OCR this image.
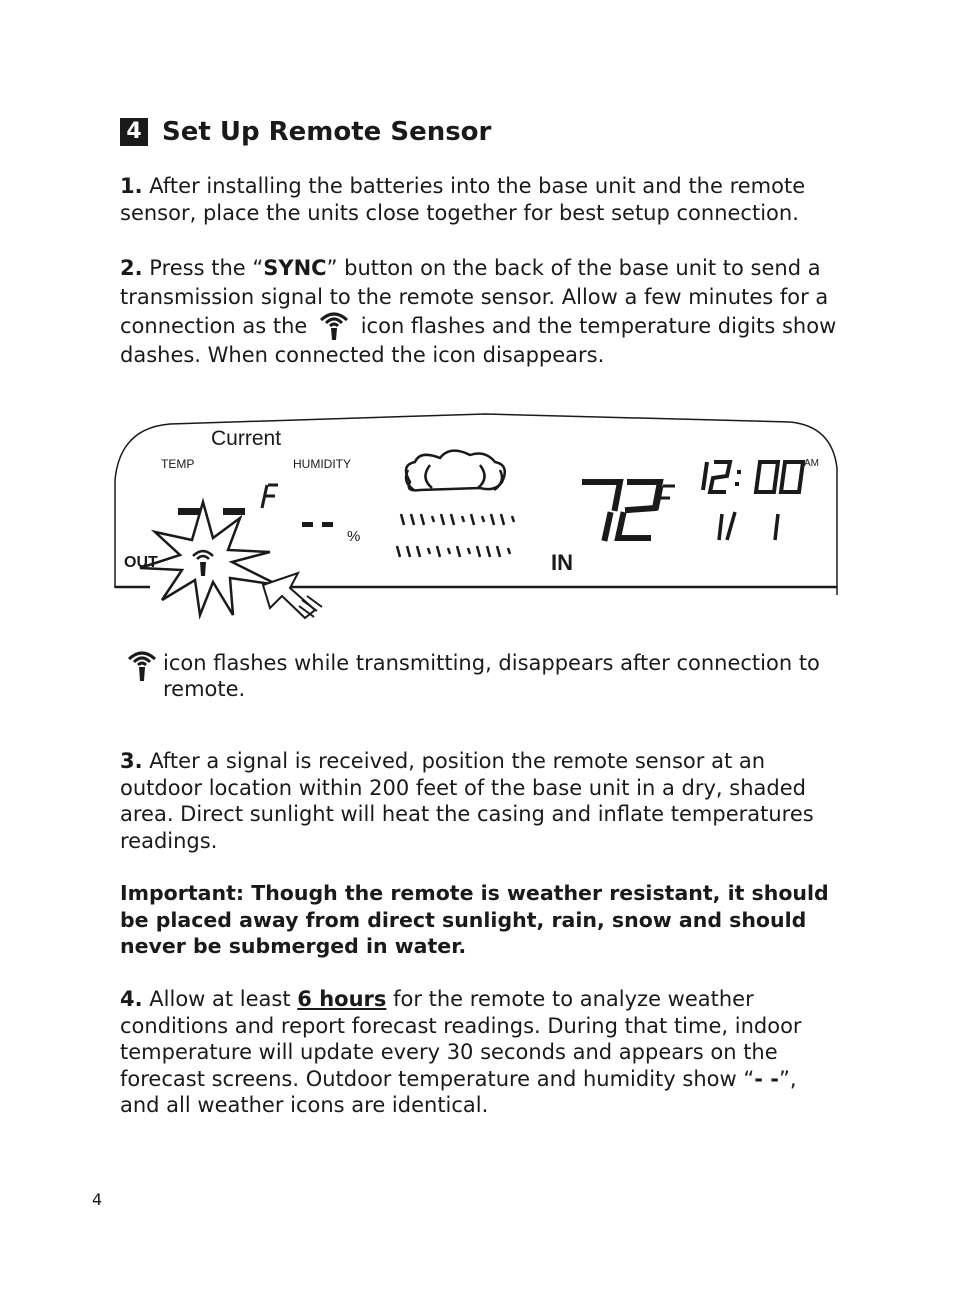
4 Set Up Remote Sensor
1. After installing the batteries into the base unit and the remote sensor, place the units close together for best setup connection.
2. Press the “SYNC” button on the back of the base unit to send a transmission signal to the remote sensor. Allow a few minutes for a connection as the	icon flashes and the temperature digits show dashes. When connected the icon disappears.
Current
TEMP	HUMIDITY
OUT	IN
%
AM
icon flashes while transmitting, disappears after connection to remote.
3. After a signal is received, position the remote sensor at an outdoor location within 200 feet of the base unit in a dry, shaded area. Direct sunlight will heat the casing and inflate temperatures readings.
Important: Though the remote is weather resistant, it should be placed away from direct sunlight, rain, snow and should never be submerged in water.
4. Allow at least 6 hours for the remote to analyze weather conditions and report forecast readings. During that time, indoor temperature will update every 30 seconds and appears on the forecast screens. Outdoor temperature and humidity show “- -”, and all weather icons are identical.
4
